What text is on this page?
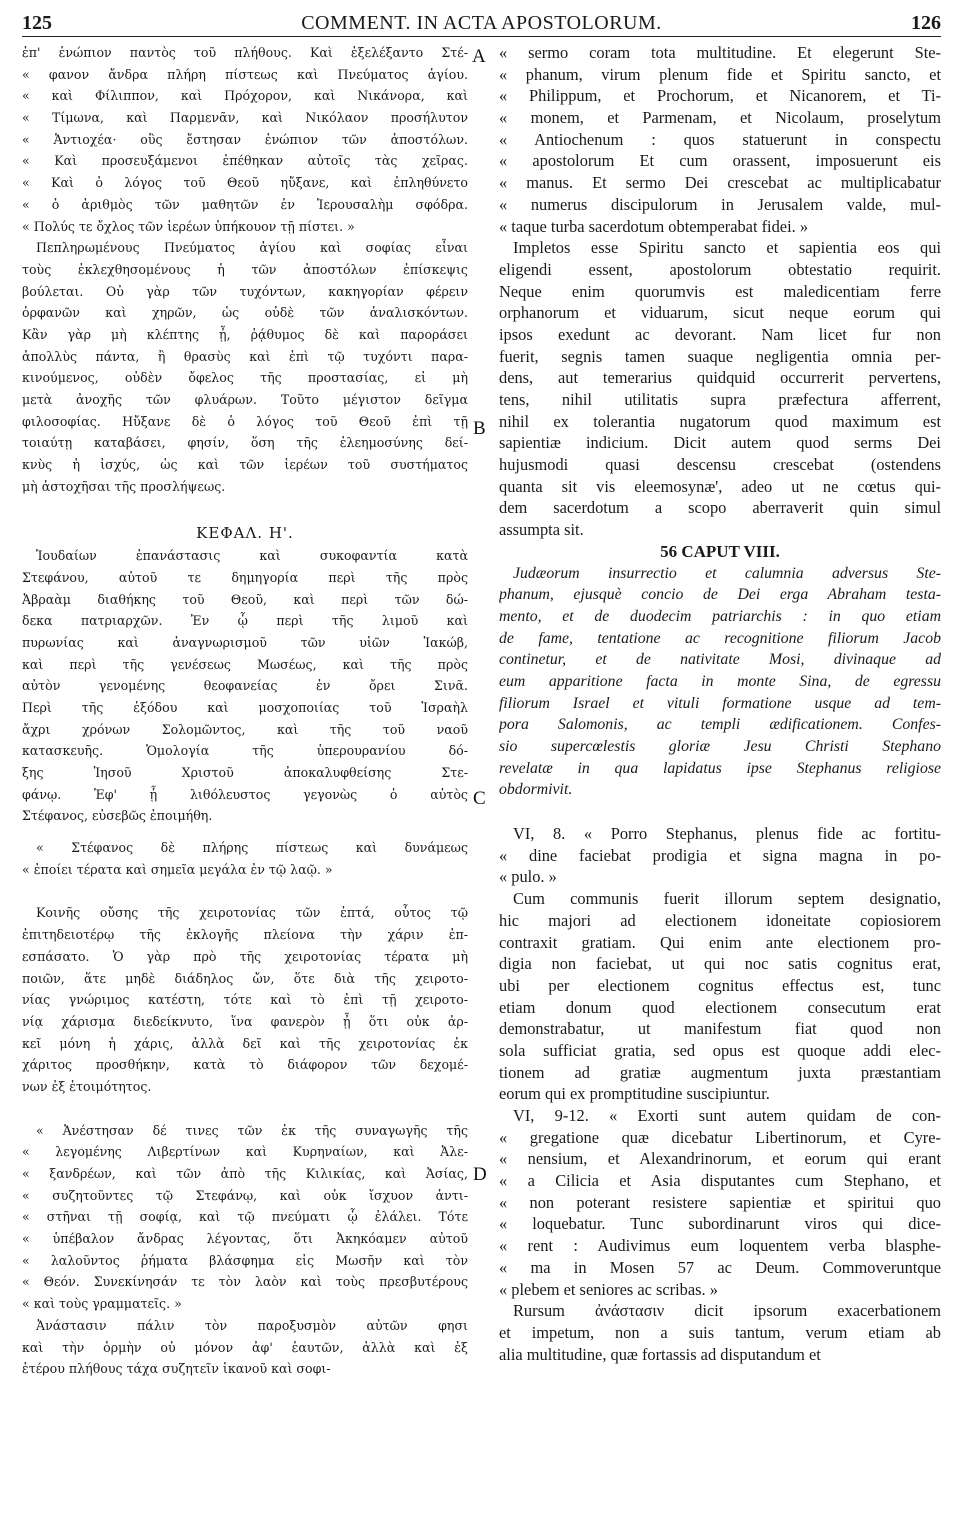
125	COMMENT. IN ACTA APOSTOLORUM.	126
A
B
C
D
ἐπ' ἐνώπιον παντὸς τοῦ πλήθους. Καὶ ἐξελέξαντο Στέ-
« φανον ἄνδρα πλήρη πίστεως καὶ Πνεύματος ἁγίου.
« καὶ Φίλιππον, καὶ Πρόχορον, καὶ Νικάνορα, καὶ
« Τίμωνα, καὶ Παρμενᾶν, καὶ Νικόλαον προσήλυτον
« Ἀντιοχέα· οὓς ἔστησαν ἐνώπιον τῶν ἀποστόλων.
« Καὶ προσευξάμενοι ἐπέθηκαν αὐτοῖς τὰς χεῖρας.
« Καὶ ὁ λόγος τοῦ Θεοῦ ηὔξανε, καὶ ἐπληθύνετο
« ὁ ἀριθμὸς τῶν μαθητῶν ἐν Ἱερουσαλὴμ σφόδρα.
« Πολύς τε ὄχλος τῶν ἱερέων ὑπήκουον τῇ πίστει. »
Πεπληρωμένους Πνεύματος ἁγίου καὶ σοφίας εἶναι
τοὺς ἐκλεχθησομένους ἡ τῶν ἀποστόλων ἐπίσκεψις
βούλεται. Οὐ γὰρ τῶν τυχόντων, κακηγορίαν φέρειν
ὀρφανῶν καὶ χηρῶν, ὡς οὐδὲ τῶν ἀναλισκόντων.
Κἂν γὰρ μὴ κλέπτης ᾖ, ῥᾴθυμος δὲ καὶ παροράσει
ἀπολλὺς πάντα, ἢ θρασὺς καὶ ἐπὶ τῷ τυχόντι παρα-
κινούμενος, οὐδὲν ὄφελος τῆς προστασίας, εἰ μὴ
μετὰ ἀνοχῆς τῶν φλυάρων. Τοῦτο μέγιστον δεῖγμα
φιλοσοφίας. Ηὔξανε δὲ ὁ λόγος τοῦ Θεοῦ ἐπὶ τῇ
τοιαύτῃ καταβάσει, φησίν, ὅση τῆς ἐλεημοσύνης δεί-
κνὺς ἡ ἰσχύς, ὡς καὶ τῶν ἱερέων τοῦ συστήματος
μὴ ἀστοχῆσαι τῆς προσλήψεως.
ΚΕΦΑΛ. Η'.
Ἰουδαίων ἐπανάστασις καὶ συκοφαντία κατὰ
Στεφάνου, αὐτοῦ τε δημηγορία περὶ τῆς πρὸς
Ἀβραὰμ διαθήκης τοῦ Θεοῦ, καὶ περὶ τῶν δώ-
δεκα πατριαρχῶν. Ἐν ᾧ περὶ τῆς λιμοῦ καὶ
πυρωνίας καὶ ἀναγνωρισμοῦ τῶν υἱῶν Ἰακώβ,
καὶ περὶ τῆς γενέσεως Μωσέως, καὶ τῆς πρὸς
αὐτὸν γενομένης θεοφανείας ἐν ὄρει Σινᾶ.
Περὶ τῆς ἐξόδου καὶ μοσχοποιίας τοῦ Ἰσραὴλ
ἄχρι χρόνων Σολομῶντος, καὶ τῆς τοῦ ναοῦ
κατασκευῆς. Ὁμολογία τῆς ὑπερουρανίου δό-
ξης Ἰησοῦ Χριστοῦ ἀποκαλυφθείσης Στε-
φάνῳ. Ἐφ' ᾗ λιθόλευστος γεγονὼς ὁ αὐτὸς
Στέφανος, εὐσεβῶς ἐποιμήθη.
« Στέφανος δὲ πλήρης πίστεως καὶ δυνάμεως
« ἐποίει τέρατα καὶ σημεῖα μεγάλα ἐν τῷ λαῷ. »
Κοινῆς οὔσης τῆς χειροτονίας τῶν ἑπτά, οὗτος τῷ
ἐπιτηδειοτέρῳ τῆς ἐκλογῆς πλείονα τὴν χάριν ἐπ-
εσπάσατο. Ὁ γὰρ πρὸ τῆς χειροτονίας τέρατα μὴ
ποιῶν, ἅτε μηδὲ διάδηλος ὤν, ὅτε διὰ τῆς χειροτο-
νίας γνώριμος κατέστη, τότε καὶ τὸ ἐπὶ τῇ χειροτο-
νίᾳ χάρισμα διεδείκνυτο, ἵνα φανερὸν ᾖ ὅτι οὐκ ἀρ-
κεῖ μόνη ἡ χάρις, ἀλλὰ δεῖ καὶ τῆς χειροτονίας ἐκ
χάριτος προσθήκην, κατὰ τὸ διάφορον τῶν δεχομέ-
νων ἐξ ἑτοιμότητος.
« Ἀνέστησαν δέ τινες τῶν ἐκ τῆς συναγωγῆς τῆς
« λεγομένης Λιβερτίνων καὶ Κυρηναίων, καὶ Ἀλε-
« ξανδρέων, καὶ τῶν ἀπὸ τῆς Κιλικίας, καὶ Ἀσίας,
« συζητοῦντες τῷ Στεφάνῳ, καὶ οὐκ ἴσχυον ἀντι-
« στῆναι τῇ σοφίᾳ, καὶ τῷ πνεύματι ᾧ ἐλάλει. Τότε
« ὑπέβαλον ἄνδρας λέγοντας, ὅτι Ἀκηκόαμεν αὐτοῦ
« λαλοῦντος ῥήματα βλάσφημα εἰς Μωσῆν καὶ τὸν
« Θεόν. Συνεκίνησάν τε τὸν λαὸν καὶ τοὺς πρεσβυτέρους
« καὶ τοὺς γραμματεῖς. »
Ἀνάστασιν πάλιν τὸν παροξυσμὸν αὐτῶν φησι
καὶ τὴν ὁρμὴν οὐ μόνον ἀφ' ἑαυτῶν, ἀλλὰ καὶ ἐξ
ἑτέρου πλήθους τάχα συζητεῖν ἱκανοῦ καὶ σοφι-
« sermo coram tota multitudine. Et elegerunt Ste-
« phanum, virum plenum fide et Spiritu sancto, et
« Philippum, et Prochorum, et Nicanorem, et Ti-
« monem, et Parmenam, et Nicolaum, proselytum
« Antiochenum : quos statuerunt in conspectu
« apostolorum Et cum orassent, imposuerunt eis
« manus. Et sermo Dei crescebat ac multiplicabatur
« numerus discipulorum in Jerusalem valde, mul-
« taque turba sacerdotum obtemperabat fidei. »
Impletos esse Spiritu sancto et sapientia eos qui
eligendi essent, apostolorum obtestatio requirit.
Neque enim quorumvis est maledicentiam ferre
orphanorum et viduarum, sicut neque eorum qui
ipsos exedunt ac devorant. Nam licet fur non
fuerit, segnis tamen suaque negligentia omnia per-
dens, aut temerarius quidquid occurrerit pervertens,
tens, nihil utilitatis supra præfectura afferrent,
nihil ex tolerantia nugatorum quod maximum est
sapientiæ indicium. Dicit autem quod serms Dei
hujusmodi quasi descensu crescebat (ostendens
quanta sit vis eleemosynæ', adeo ut ne cœtus qui-
dem sacerdotum a scopo aberraverit quin simul
assumpta sit.
56 CAPUT VIII.
Judæorum insurrectio et calumnia adversus Ste-
phanum, ejusquè concio de Dei erga Abraham testa-
mento, et de duodecim patriarchis : in quo etiam
de fame, tentatione ac recognitione filiorum Jacob
continetur, et de nativitate Mosi, divinaque ad
eum apparitione facta in monte Sina, de egressu
filiorum Israel et vituli formatione usque ad tem-
pora Salomonis, ac templi ædificationem. Confes-
sio supercœlestis gloriæ Jesu Christi Stephano
revelatæ in qua lapidatus ipse Stephanus religiose
obdormivit.
VI, 8. « Porro Stephanus, plenus fide ac fortitu-
« dine faciebat prodigia et signa magna in po-
« pulo. »
Cum communis fuerit illorum septem designatio,
hic majori ad electionem idoneitate copiosiorem
contraxit gratiam. Qui enim ante electionem pro-
digia non faciebat, ut qui noc satis cognitus erat,
ubi per electionem cognitus effectus est, tunc
etiam donum quod electionem consecutum erat
demonstrabatur, ut manifestum fiat quod non
sola sufficiat gratia, sed opus est quoque addi elec-
tionem ad gratiæ augmentum juxta præstantiam
eorum qui ex promptitudine suscipiuntur.
VI, 9-12. « Exorti sunt autem quidam de con-
« gregatione quæ dicebatur Libertinorum, et Cyre-
« nensium, et Alexandrinorum, et eorum qui erant
« a Cilicia et Asia disputantes cum Stephano, et
« non poterant resistere sapientiæ et spiritui quo
« loquebatur. Tunc subordinarunt viros qui dice-
« rent : Audivimus eum loquentem verba blasphe-
« ma in Mosen 57 ac Deum. Commoveruntque
« plebem et seniores ac scribas. »
Rursum ἀνάστασιν dicit ipsorum exacerbationem
et impetum, non a suis tantum, verum etiam ab
alia multitudine, quæ fortassis ad disputandum et
